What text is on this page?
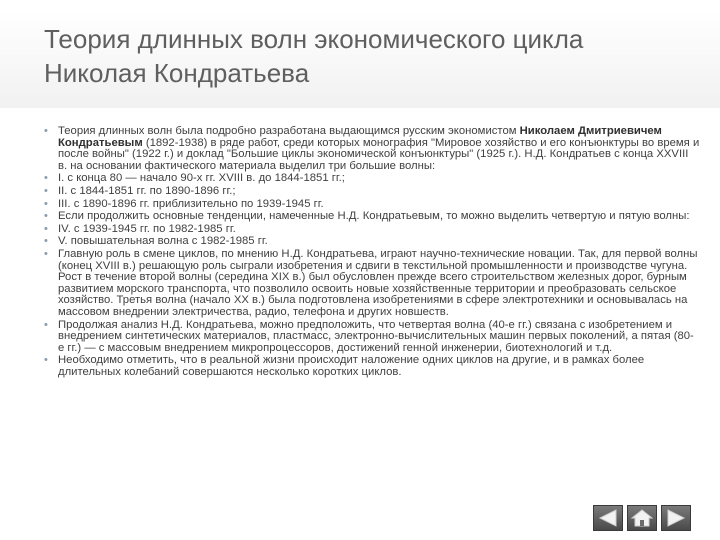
Теория длинных волн экономического цикла
Николая Кондратьева
• Теория длинных волн была подробно разработана выдающимся русским экономистом Николаем Дмитриевичем Кондратьевым (1892-1938) в ряде работ, среди которых монография "Мировое хозяйство и его конъюнктуры во время и после войны" (1922 г.) и доклад "Большие циклы экономической конъюнктуры" (1925 г.). Н.Д. Кондратьев с конца XXVIII в. на основании фактического материала выделил три большие волны:
• I. с конца 80 — начало 90-х гг. XVIII в. до 1844-1851 гг.;
• II. с 1844-1851 гг. по 1890-1896 гг.;
• III. с 1890-1896 гг. приблизительно по 1939-1945 гг.
• Если продолжить основные тенденции, намеченные Н.Д. Кондратьевым, то можно выделить четвертую и пятую волны:
• IV. с 1939-1945 гг. по 1982-1985 гг.
• V. повышательная волна с 1982-1985 гг.
• Главную роль в смене циклов, по мнению Н.Д. Кондратьева, играют научно-технические новации. Так, для первой волны (конец XVIII в.) решающую роль сыграли изобретения и сдвиги в текстильной промышленности и производстве чугуна. Рост в течение второй волны (середина XIX в.) был обусловлен прежде всего строительством железных дорог, бурным развитием морского транспорта, что позволило освоить новые хозяйственные территории и преобразовать сельское хозяйство. Третья волна (начало XX в.) была подготовлена изобретениями в сфере электротехники и основывалась на массовом внедрении электричества, радио, телефона и других новшеств.
• Продолжая анализ Н.Д. Кондратьева, можно предположить, что четвертая волна (40-е гг.) связана с изобретением и внедрением синтетических материалов, пластмасс, электронно-вычислительных машин первых поколений, а пятая (80-е гг.) — с массовым внедрением микропроцессоров, достижений генной инженерии, биотехнологий и т.д.
• Необходимо отметить, что в реальной жизни происходит наложение одних циклов на другие, и в рамках более длительных колебаний совершаются несколько коротких циклов.
